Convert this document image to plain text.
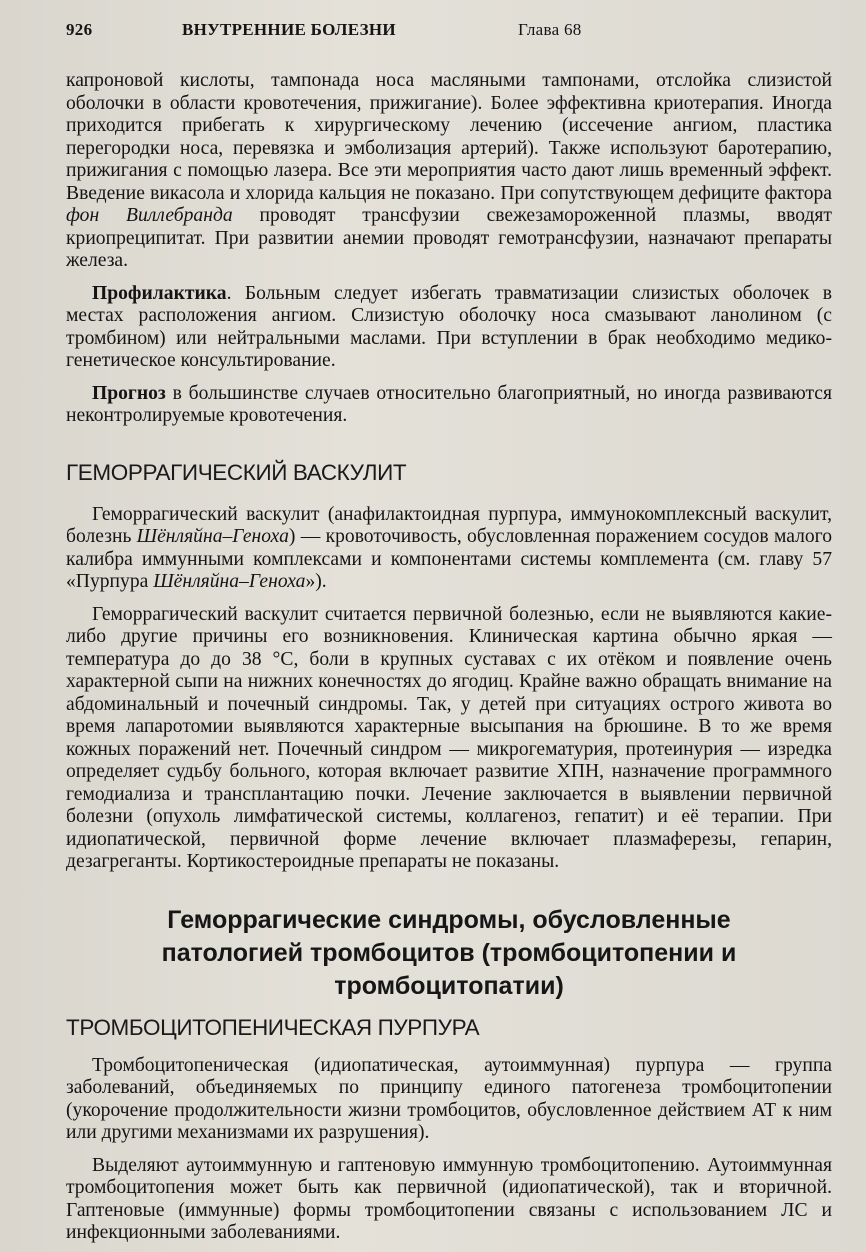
926	ВНУТРЕННИЕ БОЛЕЗНИ	Глава 68

капроновой кислоты, тампонада носа масляными тампонами, отслойка слизистой оболочки в области кровотечения, прижигание). Более эффективна криотерапия. Иногда приходится прибегать к хирургическому лечению (иссечение ангиом, пластика перегородки носа, перевязка и эмболизация артерий). Также используют баротерапию, прижигания с помощью лазера. Все эти мероприятия часто дают лишь временный эффект. Введение викасола и хлорида кальция не показано. При сопутствующем дефиците фактора фон Виллебранда проводят трансфузии свежезамороженной плазмы, вводят криопреципитат. При развитии анемии проводят гемотрансфузии, назначают препараты железа.

Профилактика. Больным следует избегать травматизации слизистых оболочек в местах расположения ангиом. Слизистую оболочку носа смазывают ланолином (с тромбином) или нейтральными маслами. При вступлении в брак необходимо медико-генетическое консультирование.

Прогноз в большинстве случаев относительно благоприятный, но иногда развиваются неконтролируемые кровотечения.

ГЕМОРРАГИЧЕСКИЙ ВАСКУЛИТ

Геморрагический васкулит (анафилактоидная пурпура, иммунокомплексный васкулит, болезнь Шёнляйна–Геноха) — кровоточивость, обусловленная поражением сосудов малого калибра иммунными комплексами и компонентами системы комплемента (см. главу 57 «Пурпура Шёнляйна–Геноха»).

Геморрагический васкулит считается первичной болезнью, если не выявляются какие-либо другие причины его возникновения. Клиническая картина обычно яркая — температура до до 38 °С, боли в крупных суставах с их отёком и появление очень характерной сыпи на нижних конечностях до ягодиц. Крайне важно обращать внимание на абдоминальный и почечный синдромы. Так, у детей при ситуациях острого живота во время лапаротомии выявляются характерные высыпания на брюшине. В то же время кожных поражений нет. Почечный синдром — микрогематурия, протеинурия — изредка определяет судьбу больного, которая включает развитие ХПН, назначение программного гемодиализа и трансплантацию почки. Лечение заключается в выявлении первичной болезни (опухоль лимфатической системы, коллагеноз, гепатит) и её терапии. При идиопатической, первичной форме лечение включает плазмаферезы, гепарин, дезагреганты. Кортикостероидные препараты не показаны.

Геморрагические синдромы, обусловленные патологией тромбоцитов (тромбоцитопении и тромбоцитопатии)
ТРОМБОЦИТОПЕНИЧЕСКАЯ ПУРПУРА

Тромбоцитопеническая (идиопатическая, аутоиммунная) пурпура — группа заболеваний, объединяемых по принципу единого патогенеза тромбоцитопении (укорочение продолжительности жизни тромбоцитов, обусловленное действием АТ к ним или другими механизмами их разрушения).

Выделяют аутоиммунную и гаптеновую иммунную тромбоцитопению. Аутоиммунная тромбоцитопения может быть как первичной (идиопатической), так и вторичной. Гаптеновые (иммунные) формы тромбоцитопении связаны с использованием ЛС и инфекционными заболеваниями.
